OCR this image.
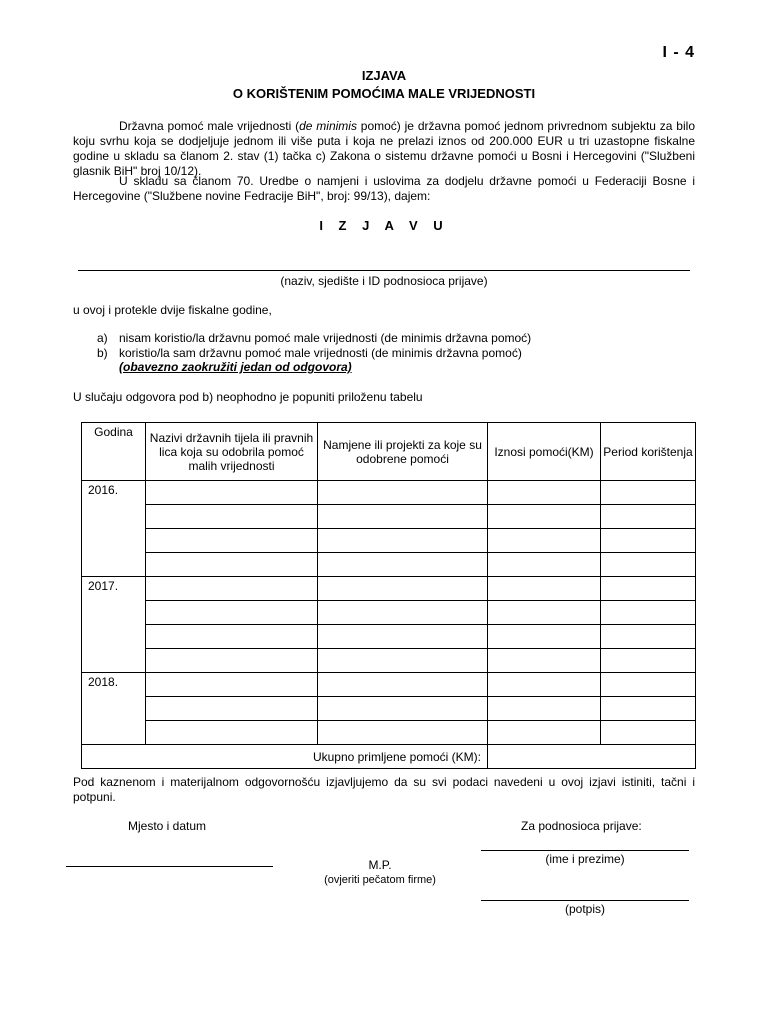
I - 4
IZJAVA
O KORIŠTENIM POMOĆIMA MALE VRIJEDNOSTI

Državna pomoć male vrijednosti (de minimis pomoć) je državna pomoć jednom privrednom subjektu za bilo koju svrhu koja se dodjeljuje jednom ili više puta i koja ne prelazi iznos od 200.000 EUR u tri uzastopne fiskalne godine u skladu sa članom 2. stav (1) tačka c) Zakona o sistemu državne pomoći u Bosni i Hercegovini ("Službeni glasnik BiH" broj 10/12).

U skladu sa članom 70. Uredbe o namjeni i uslovima za dodjelu državne pomoći u Federaciji Bosne i Hercegovine ("Službene novine Fedracije BiH", broj: 99/13), dajem:

I Z J A V U
(naziv, sjedište i ID podnosioca prijave)
u ovoj i protekle dvije fiskalne godine,
a) nisam koristio/la državnu pomoć male vrijednosti (de minimis državna pomoć)
b) koristio/la sam državnu pomoć male vrijednosti (de minimis državna pomoć)
(obavezno zaokružiti jedan od odgovora)
U slučaju odgovora pod b) neophodno je popuniti priloženu tabelu
Godina	Nazivi državnih tijela ili pravnih lica koja su odobrila pomoć malih vrijednosti	Namjene ili projekti za koje su odobrene pomoći	Iznosi pomoći(KM)	Period korištenja
2016.				

2017.				

2018.				

Ukupno primljene pomoći (KM):				
Pod kaznenom i materijalnom odgovornošću izjavljujemo da su svi podaci navedeni u ovoj izjavi istiniti, tačni i potpuni.
Mjesto i datum	Za podnosioca prijave:
(ime i prezime)
M.P.
(ovjeriti pečatom firme)
(potpis)
